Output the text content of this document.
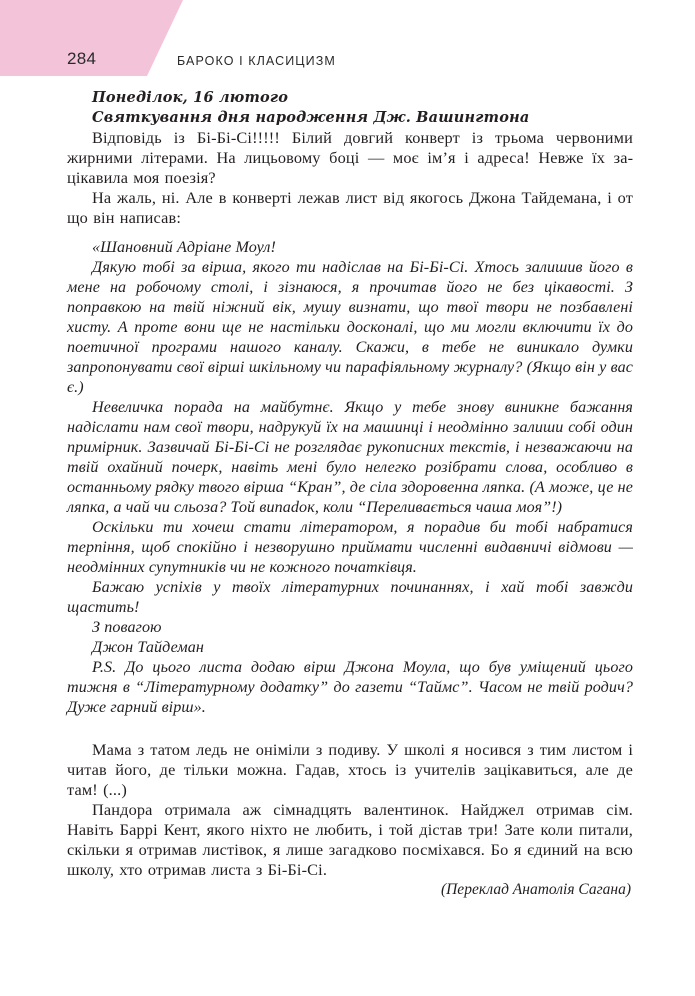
284	БАРОКО І КЛАСИЦИЗМ
Понеділок, 16 лютого
Святкування дня народження Дж. Вашингтона

Відповідь із Бі-Бі-Сі!!!!! Білий довгий конверт із трьома червоними жирними літерами. На лицьовому боці — моє ім’я і адреса! Невже їх зацікавила моя поезія?

На жаль, ні. Але в конверті лежав лист від якогось Джона Тайдемана, і от що він написав:

«Шановний Адріане Моул!

Дякую тобі за вірша, якого ти надіслав на Бі-Бі-Сі. Хтось залишив його в мене на робочому столі, і зізнаюся, я прочитав його не без цікавості. З поправкою на твій ніжний вік, мушу визнати, що твої твори не позбавлені хисту. А проте вони ще не настільки досконалі, що ми могли включити їх до поетичної програми нашого каналу. Скажи, в тебе не виникало думки запропонувати свої вірші шкільному чи парафіяльному журналу? (Якщо він у вас є.)

Невеличка порада на майбутнє. Якщо у тебе знову виникне бажання надіслати нам свої твори, надрукуй їх на машинці і неодмінно залиши собі один примірник. Зазвичай Бі-Бі-Сі не розглядає рукописних текстів, і незважаючи на твій охайний почерк, навіть мені було нелегко розібрати слова, особливо в останньому рядку твого вірша “Кран”, де сіла здоровенна ляпка. (А може, це не ляпка, а чай чи сльоза? Той випаdок, коли “Переливається чаша моя”!)

Оскільки ти хочеш стати літератором, я порадив би тобі набратися терпіння, щоб спокійно і незворушно приймати численні видавничі відмови — неодмінних супутників чи не кожного початківця.

Бажаю успіхів у твоїх літературних починаннях, і хай тобі завжди щастить!

З повагою

Джон Тайдеман

P.S. До цього листа додаю вірш Джона Моула, що був уміщений цього тижня в “Літературному додатку” до газети “Таймс”. Часом не твій родич? Дуже гарний вірш».

Мама з татом ледь не оніміли з подиву. У школі я носився з тим листом і читав його, де тільки можна. Гадав, хтось із учителів зацікавиться, але де там! (...)

Пандора отримала аж сімнадцять валентинок. Найджел отримав сім. Навіть Баррі Кент, якого ніхто не любить, і той дістав три! Зате коли питали, скільки я отримав листівок, я лише загадково посміхався. Бо я єдиний на всю школу, хто отримав листа з Бі-Бі-Сі.

(Переклад Анатолія Сагана)
